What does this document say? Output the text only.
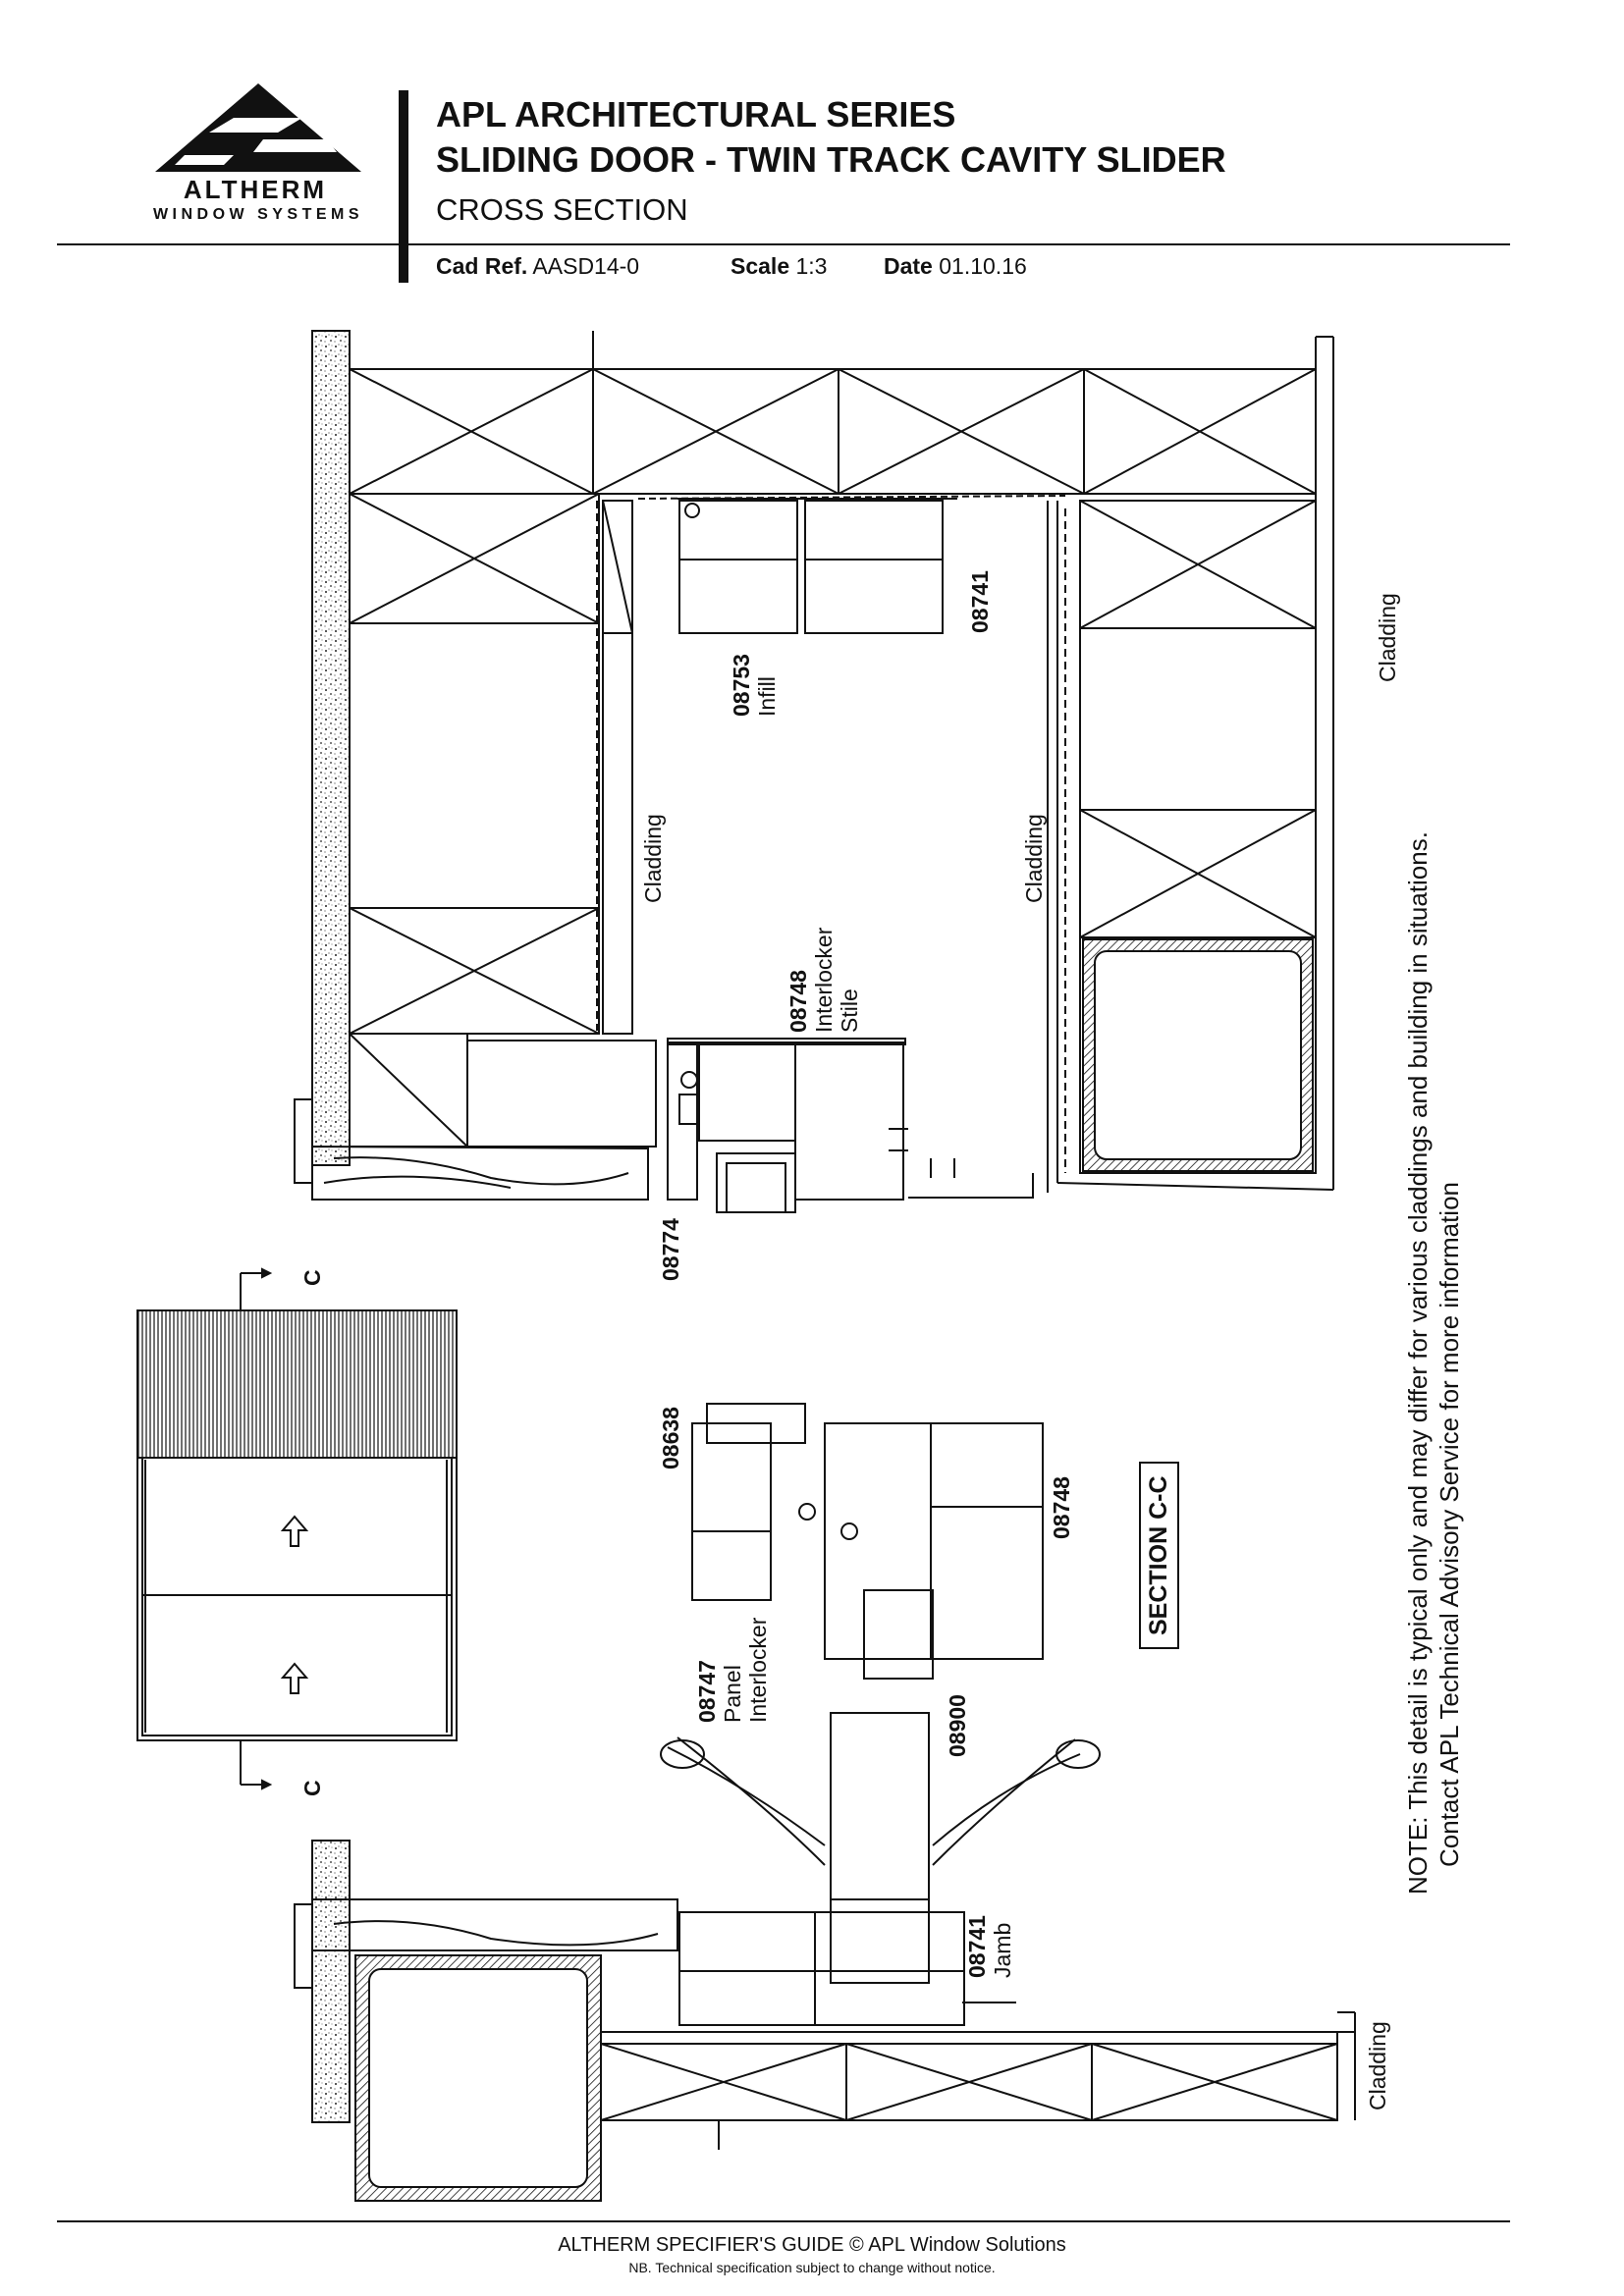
ALTHERM
WINDOW SYSTEMS
APL ARCHITECTURAL SERIES
SLIDING DOOR - TWIN TRACK CAVITY SLIDER
CROSS SECTION
Cad Ref. AASD14-0	Scale 1:3	Date 01.10.16
Cladding	Cladding
Cladding
Cladding
08753 Infill
08741
08748 Interlocker Stile
08774
08638
08748
08747 Panel Interlocker
08900
08741 Jamb
C
C
SECTION C-C	NOTE: This detail is typical only and may differ for various claddings and building in situations. Contact APL Technical Advisory Service for more information
ALTHERM SPECIFIER'S GUIDE © APL Window Solutions
NB. Technical specification subject to change without notice.
